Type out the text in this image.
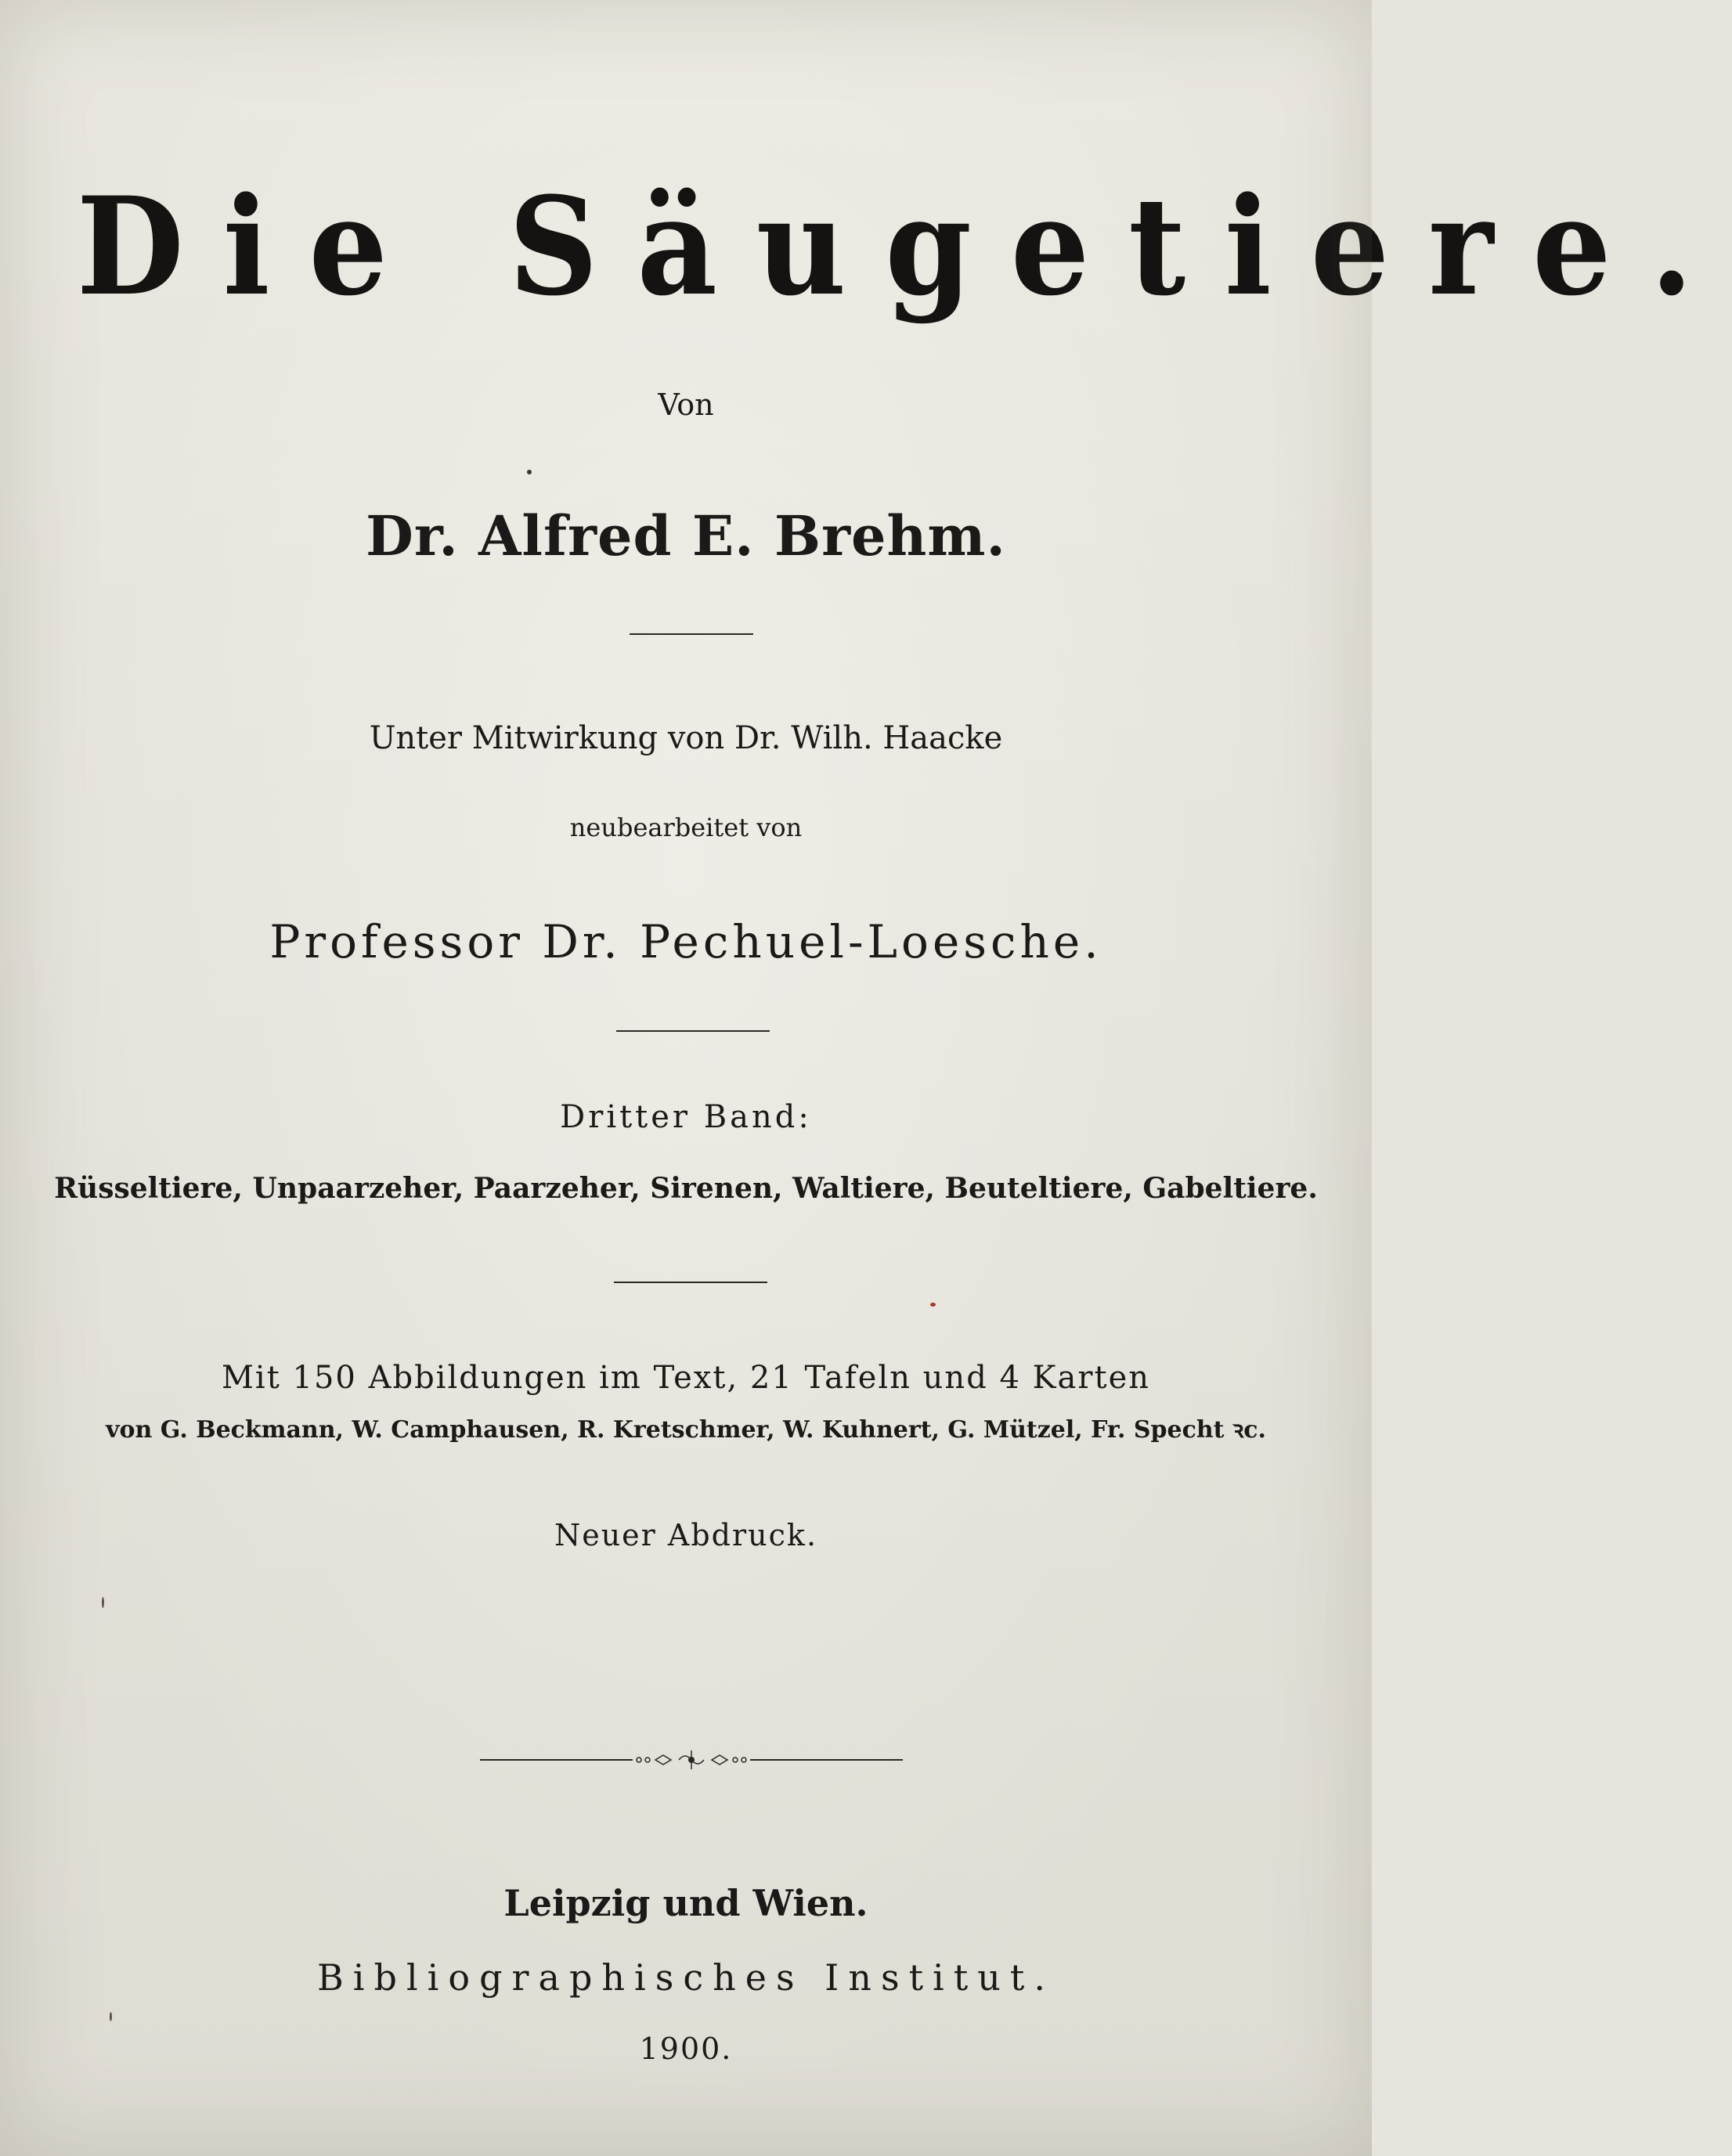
Die Säugetiere.
Von
Dr. Alfred E. Brehm.
Unter Mitwirkung von Dr. Wilh. Haacke
neubearbeitet von
Professor Dr. Pechuel-Loesche.
Dritter Band:
Rüsseltiere, Unpaarzeher, Paarzeher, Sirenen, Waltiere, Beuteltiere, Gabeltiere.
Mit 150 Abbildungen im Text, 21 Tafeln und 4 Karten
von G. Beckmann, W. Camphausen, R. Kretschmer, W. Kuhnert, G. Mützel, Fr. Specht ꝛc.
Neuer Abdruck.
Leipzig und Wien.
Bibliographisches Institut.
1900.
